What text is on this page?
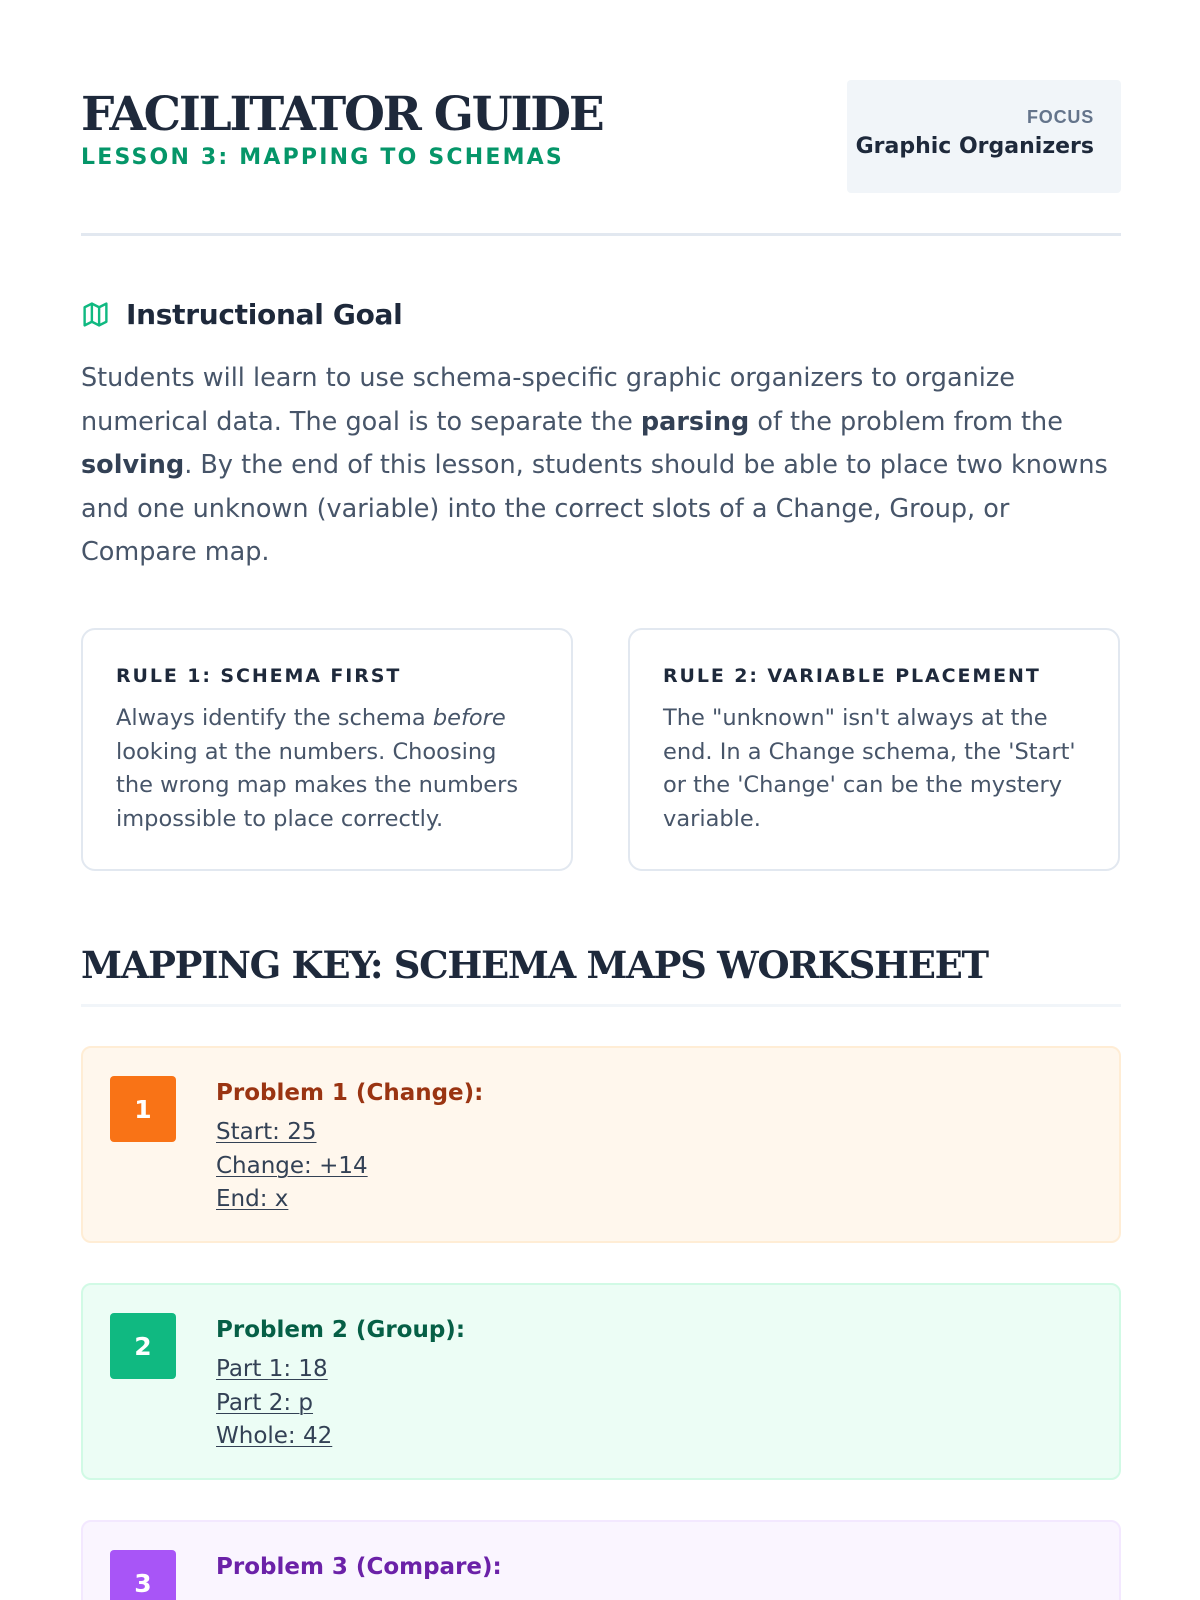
FACILITATOR GUIDE
LESSON 3: MAPPING TO SCHEMAS
FOCUS
Graphic Organizers
Instructional Goal

Students will learn to use schema-specific graphic organizers to organize numerical data. The goal is to separate the parsing of the problem from the solving. By the end of this lesson, students should be able to place two knowns and one unknown (variable) into the correct slots of a Change, Group, or Compare map.

RULE 1: SCHEMA FIRST
Always identify the schema before looking at the numbers. Choosing the wrong map makes the numbers impossible to place correctly.
RULE 2: VARIABLE PLACEMENT
The "unknown" isn't always at the end. In a Change schema, the 'Start' or the 'Change' can be the mystery variable.
MAPPING KEY: SCHEMA MAPS WORKSHEET
1
Problem 1 (Change):
Start: 25
Change: +14
End: x
2
Problem 2 (Group):
Part 1: 18
Part 2: p
Whole: 42
3
Problem 3 (Compare):
